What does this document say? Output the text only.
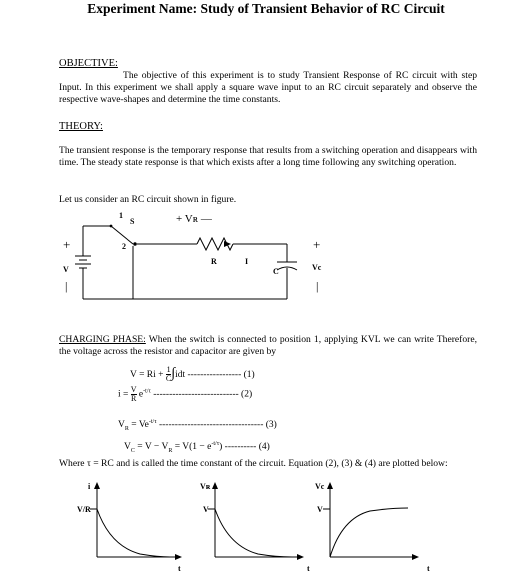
Experiment Name: Study of Transient Behavior of RC Circuit
OBJECTIVE:
The objective of this experiment is to study Transient Response of RC circuit with step Input. In this experiment we shall apply a square wave input to an RC circuit separately and observe the respective wave-shapes and determine the time constants.
THEORY:
The transient response is the temporary response that results from a switching operation and disappears with time. The steady state response is that which exists after a long time following any switching operation.
Let us consider an RC circuit shown in figure.
+
V
|
1
S
2
+ Vʀ —
R	I
C
+
Vc
|
CHARGING PHASE: When the switch is connected to position 1, applying KVL we can write Therefore, the voltage across the resistor and capacitor are given by
$V = Ri + \frac{1}{C} \int idt$ ----------------- (1)
$i = \frac{V}{R} e^{-t/\tau}$ --------------------------- (2)
$V_R = Ve^{-t/\tau}$ --------------------------------- (3)
$V_C = V - V_R = V(1 - e^{-t/\tau})$ ---------- (4)
Where τ = RC and is called the time constant of the circuit. Equation (2), (3) & (4) are plotted below:
i
V/R
t
Vʀ
V
t
Vc
V
t
